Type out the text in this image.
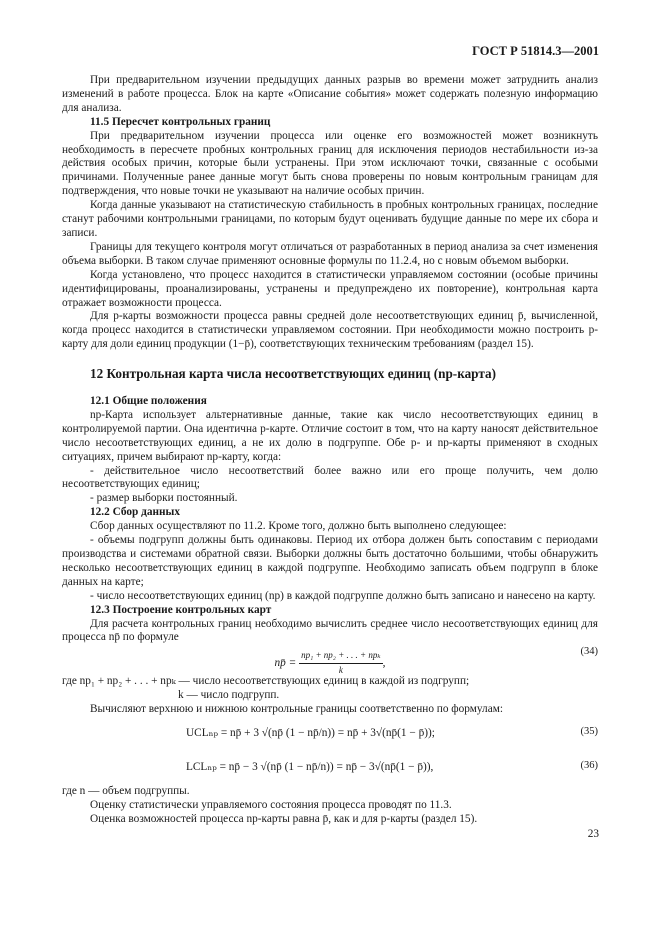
ГОСТ Р 51814.3—2001

При предварительном изучении предыдущих данных разрыв во времени может затруднить анализ изменений в работе процесса. Блок на карте «Описание события» может содержать полезную информацию для анализа.

11.5 Пересчет контрольных границ

При предварительном изучении процесса или оценке его возможностей может возникнуть необходимость в пересчете пробных контрольных границ для исключения периодов нестабильности из-за действия особых причин, которые были устранены. При этом исключают точки, связанные с особыми причинами. Полученные ранее данные могут быть снова проверены по новым контрольным границам для подтверждения, что новые точки не указывают на наличие особых причин.

Когда данные указывают на статистическую стабильность в пробных контрольных границах, последние станут рабочими контрольными границами, по которым будут оценивать будущие данные по мере их сбора и записи.

Границы для текущего контроля могут отличаться от разработанных в период анализа за счет изменения объема выборки. В таком случае применяют основные формулы по 11.2.4, но с новым объемом выборки.

Когда установлено, что процесс находится в статистически управляемом состоянии (особые причины идентифицированы, проанализированы, устранены и предупреждено их повторение), контрольная карта отражает возможности процесса.

Для p-карты возможности процесса равны средней доле несоответствующих единиц p̄, вычисленной, когда процесс находится в статистически управляемом состоянии. При необходимости можно построить p-карту для доли единиц продукции (1−p̄), соответствующих техническим требованиям (раздел 15).

12 Контрольная карта числа несоответствующих единиц (np-карта)

12.1 Общие положения

np-Карта использует альтернативные данные, такие как число несоответствующих единиц в контролируемой партии. Она идентична p-карте. Отличие состоит в том, что на карту наносят действительное число несоответствующих единиц, а не их долю в подгруппе. Обе p- и np-карты применяют в сходных ситуациях, причем выбирают np-карту, когда:

- действительное число несоответствий более важно или его проще получить, чем долю несоответствующих единиц;

- размер выборки постоянный.

12.2 Сбор данных

Сбор данных осуществляют по 11.2. Кроме того, должно быть выполнено следующее:

- объемы подгрупп должны быть одинаковы. Период их отбора должен быть сопоставим с периодами производства и системами обратной связи. Выборки должны быть достаточно большими, чтобы обнаружить несколько несоответствующих единиц в каждой подгруппе. Необходимо записать объем подгрупп в блоке данных на карте;

- число несоответствующих единиц (np) в каждой подгруппе должно быть записано и нанесено на карту.

12.3 Построение контрольных карт

Для расчета контрольных границ необходимо вычислить среднее число несоответствующих единиц для процесса np̄ по формуле

np̄ = $\frac{\text{np₁ + np₂ + . . . + npₖ}}{k}$ ,
(34)

где np₁ + np₂ + . . . + npₖ — число несоответствующих единиц в каждой из подгрупп;

k — число подгрупп.

Вычисляют верхнюю и нижнюю контрольные границы соответственно по формулам:

UCLₙₚ = np̄ + 3 √(np̄ (1 − np̄/n)) = np̄ + 3√(np̄(1 − p̄));	(35)
LCLₙₚ = np̄ − 3 √(np̄ (1 − np̄/n)) = np̄ − 3√(np̄(1 − p̄)),	(36)

где n — объем подгруппы.

Оценку статистически управляемого состояния процесса проводят по 11.3.

Оценка возможностей процесса np-карты равна p̄, как и для p-карты (раздел 15).

23
